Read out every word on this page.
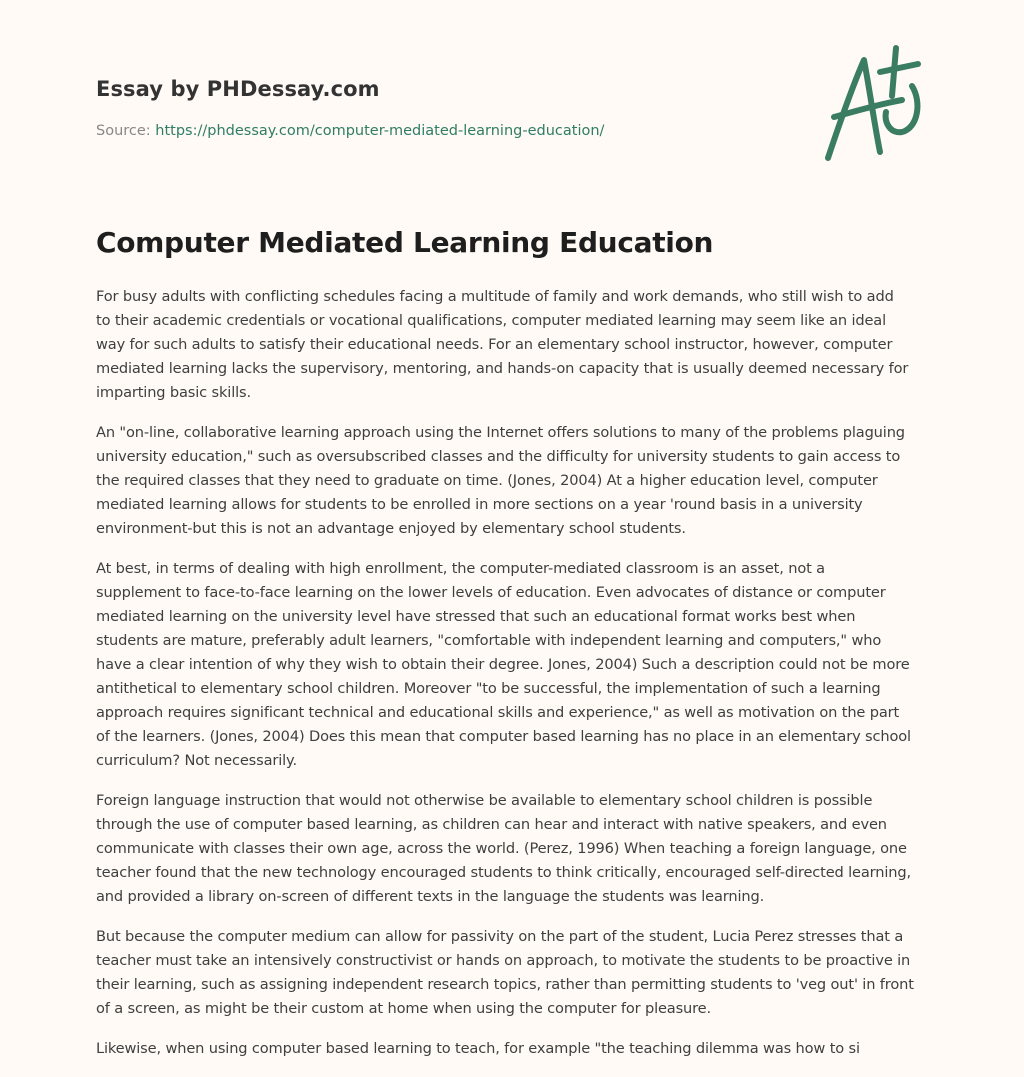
Essay by PHDessay.com
Source: https://phdessay.com/computer-mediated-learning-education/
Computer Mediated Learning Education

For busy adults with conflicting schedules facing a multitude of family and work demands, who still wish to add
to their academic credentials or vocational qualifications, computer mediated learning may seem like an ideal
way for such adults to satisfy their educational needs. For an elementary school instructor, however, computer
mediated learning lacks the supervisory, mentoring, and hands-on capacity that is usually deemed necessary for
imparting basic skills.

An "on-line, collaborative learning approach using the Internet offers solutions to many of the problems plaguing
university education," such as oversubscribed classes and the difficulty for university students to gain access to
the required classes that they need to graduate on time. (Jones, 2004) At a higher education level, computer
mediated learning allows for students to be enrolled in more sections on a year 'round basis in a university
environment-but this is not an advantage enjoyed by elementary school students.

At best, in terms of dealing with high enrollment, the computer-mediated classroom is an asset, not a
supplement to face-to-face learning on the lower levels of education. Even advocates of distance or computer
mediated learning on the university level have stressed that such an educational format works best when
students are mature, preferably adult learners, "comfortable with independent learning and computers," who
have a clear intention of why they wish to obtain their degree. Jones, 2004) Such a description could not be more
antithetical to elementary school children. Moreover "to be successful, the implementation of such a learning
approach requires significant technical and educational skills and experience," as well as motivation on the part
of the learners. (Jones, 2004) Does this mean that computer based learning has no place in an elementary school
curriculum? Not necessarily.

Foreign language instruction that would not otherwise be available to elementary school children is possible
through the use of computer based learning, as children can hear and interact with native speakers, and even
communicate with classes their own age, across the world. (Perez, 1996) When teaching a foreign language, one
teacher found that the new technology encouraged students to think critically, encouraged self-directed learning,
and provided a library on-screen of different texts in the language the students was learning.

But because the computer medium can allow for passivity on the part of the student, Lucia Perez stresses that a
teacher must take an intensively constructivist or hands on approach, to motivate the students to be proactive in
their learning, such as assigning independent research topics, rather than permitting students to 'veg out' in front
of a screen, as might be their custom at home when using the computer for pleasure.

Likewise, when using computer based learning to teach, for example "the teaching dilemma was how to si
